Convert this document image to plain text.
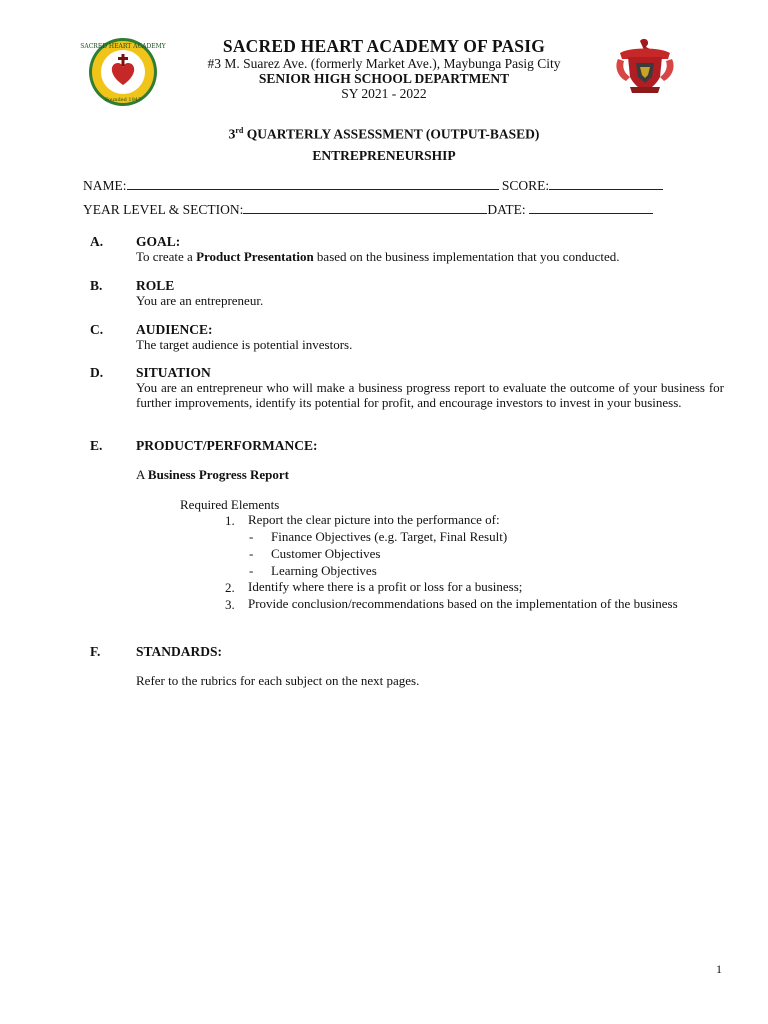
SACRED HEART ACADEMY
Founded 1947
SACRED HEART ACADEMY OF PASIG
#3 M. Suarez Ave. (formerly Market Ave.), Maybunga Pasig City
SENIOR HIGH SCHOOL DEPARTMENT
SY 2021 - 2022
3rd QUARTERLY ASSESSMENT (OUTPUT-BASED)
ENTREPRENEURSHIP
NAME:	SCORE:
YEAR LEVEL & SECTION:	DATE:
A. GOAL:
To create a Product Presentation based on the business implementation that you conducted.
B. ROLE
You are an entrepreneur.
C. AUDIENCE:
The target audience is potential investors.
D. SITUATION
You are an entrepreneur who will make a business progress report to evaluate the outcome of your business for further improvements, identify its potential for profit, and encourage investors to invest in your business.
E. PRODUCT/PERFORMANCE:
A Business Progress Report
Required Elements
1. Report the clear picture into the performance of:
- Finance Objectives (e.g. Target, Final Result)
- Customer Objectives
- Learning Objectives
2. Identify where there is a profit or loss for a business;
3. Provide conclusion/recommendations based on the implementation of the business
F.	STANDARDS:
Refer to the rubrics for each subject on the next pages.
1
